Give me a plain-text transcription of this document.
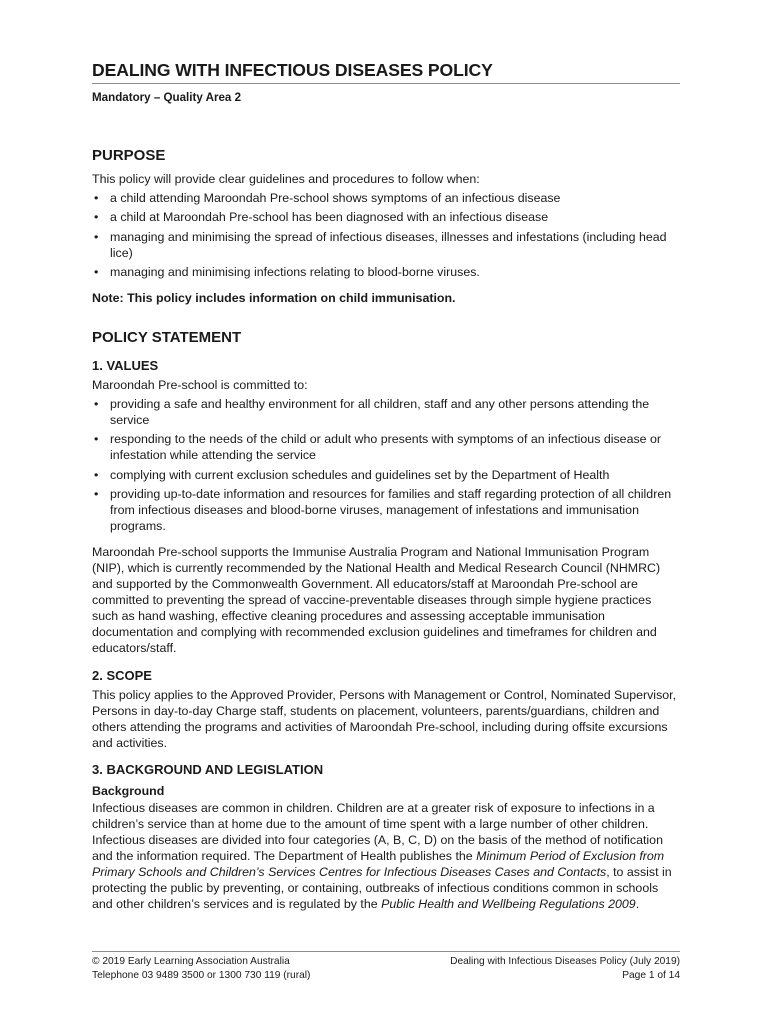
DEALING WITH INFECTIOUS DISEASES POLICY
Mandatory – Quality Area 2
PURPOSE

This policy will provide clear guidelines and procedures to follow when:

• a child attending Maroondah Pre-school shows symptoms of an infectious disease
• a child at Maroondah Pre-school has been diagnosed with an infectious disease
• managing and minimising the spread of infectious diseases, illnesses and infestations (including head lice)
• managing and minimising infections relating to blood-borne viruses.

Note: This policy includes information on child immunisation.

POLICY STATEMENT
1. VALUES

Maroondah Pre-school is committed to:

• providing a safe and healthy environment for all children, staff and any other persons attending the service
• responding to the needs of the child or adult who presents with symptoms of an infectious disease or infestation while attending the service
• complying with current exclusion schedules and guidelines set by the Department of Health
• providing up-to-date information and resources for families and staff regarding protection of all children from infectious diseases and blood-borne viruses, management of infestations and immunisation programs.

Maroondah Pre-school supports the Immunise Australia Program and National Immunisation Program (NIP), which is currently recommended by the National Health and Medical Research Council (NHMRC) and supported by the Commonwealth Government. All educators/staff at Maroondah Pre-school are committed to preventing the spread of vaccine-preventable diseases through simple hygiene practices such as hand washing, effective cleaning procedures and assessing acceptable immunisation documentation and complying with recommended exclusion guidelines and timeframes for children and educators/staff.

2. SCOPE

This policy applies to the Approved Provider, Persons with Management or Control, Nominated Supervisor, Persons in day-to-day Charge staff, students on placement, volunteers, parents/guardians, children and others attending the programs and activities of Maroondah Pre-school, including during offsite excursions and activities.

3. BACKGROUND AND LEGISLATION
Background

Infectious diseases are common in children. Children are at a greater risk of exposure to infections in a children’s service than at home due to the amount of time spent with a large number of other children. Infectious diseases are divided into four categories (A, B, C, D) on the basis of the method of notification and the information required. The Department of Health publishes the Minimum Period of Exclusion from Primary Schools and Children’s Services Centres for Infectious Diseases Cases and Contacts, to assist in protecting the public by preventing, or containing, outbreaks of infectious conditions common in schools and other children’s services and is regulated by the Public Health and Wellbeing Regulations 2009.

© 2019 Early Learning Association Australia
Telephone 03 9489 3500 or 1300 730 119 (rural)
Dealing with Infectious Diseases Policy (July 2019)
Page 1 of 14
